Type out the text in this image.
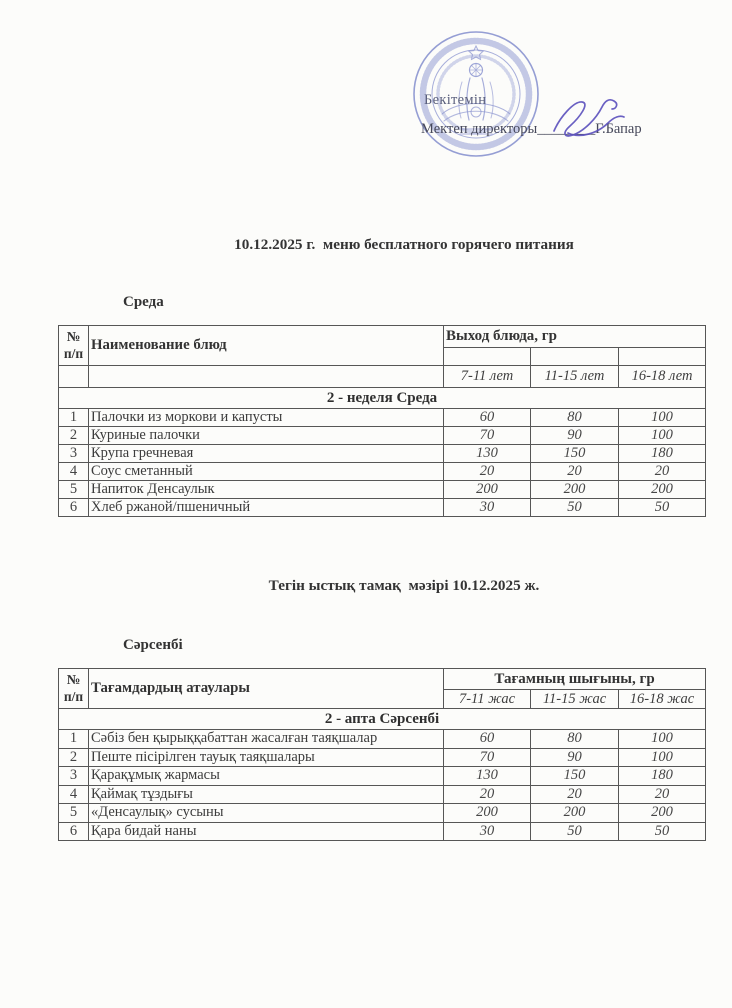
Бекітемін
Мектеп директоры________Г.Бапар
10.12.2025 г.  меню бесплатного горячего питания
Среда
№
п/п	Наименование блюд	Выход блюда, гр		

		7-11 лет	11-15 лет	16-18 лет
2 - неделя Среда				
1	Палочки из моркови и капусты	60	80	100
2	Куриные палочки	70	90	100
3	Крупа гречневая	130	150	180
4	Соус сметанный	20	20	20
5	Напиток Денсаулык	200	200	200
6	Хлеб ржаной/пшеничный	30	50	50
Тегін ыстық тамақ  мәзірі 10.12.2025 ж.
Сәрсенбі
№
п/п	Тағамдардың атаулары	Тағамның шығыны, гр		
		7-11 жас	11-15 жас	16-18 жас
2 - апта Сәрсенбі				
1	Сәбіз бен қырыққабаттан жасалған таяқшалар	60	80	100
2	Пеште пісірілген тауық таяқшалары	70	90	100
3	Қарақұмық жармасы	130	150	180
4	Қаймақ тұздығы	20	20	20
5	«Денсаулық» сусыны	200	200	200
6	Қара бидай наны	30	50	50
